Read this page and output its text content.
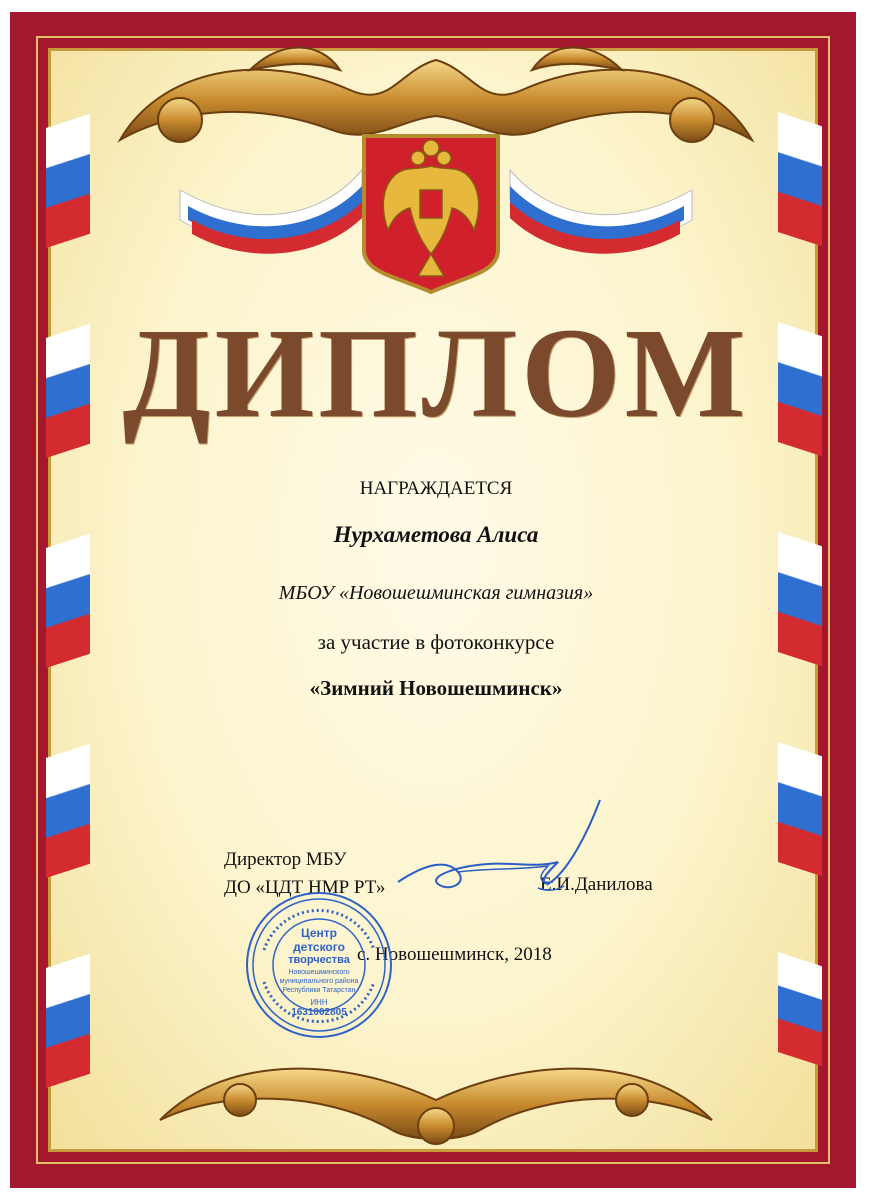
ДИПЛОМ
НАГРАЖДАЕТСЯ
Нурхаметова Алиса
МБОУ «Новошешминская гимназия»
за участие в фотоконкурсе
«Зимний Новошешминск»
Директор МБУ
ДО «ЦДТ НМР РТ»	Е.И.Данилова
с. Новошешминск, 2018
Центр
детского
творчества
Новошешминского муниципального района Республики Татарстан
ИНН
1631002805
